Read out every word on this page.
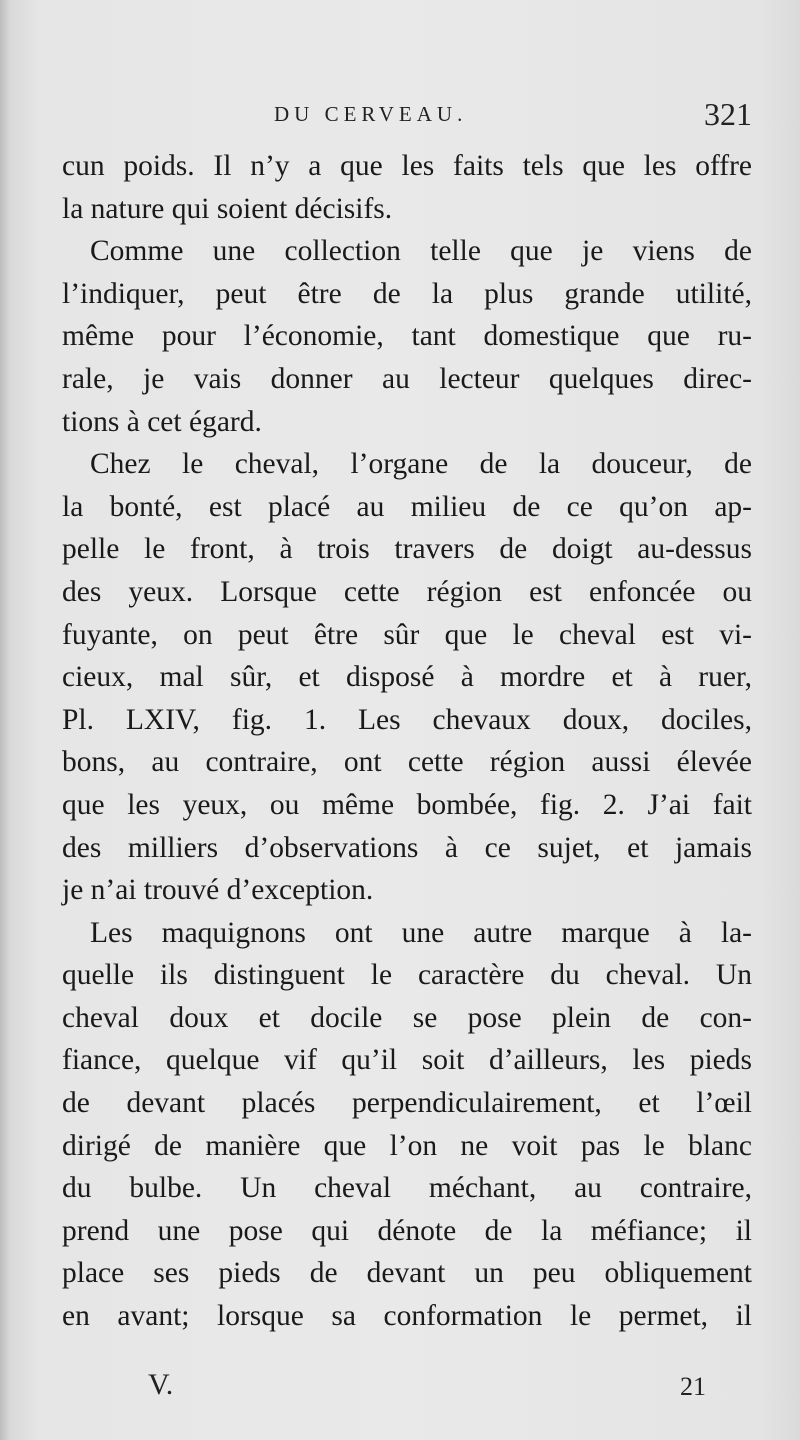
DU CERVEAU.	321
cun poids. Il n’y a que les faits tels que les offre
la nature qui soient décisifs.
Comme une collection telle que je viens de
l’indiquer, peut être de la plus grande utilité,
même pour l’économie, tant domestique que ru-
rale, je vais donner au lecteur quelques direc-
tions à cet égard.
Chez le cheval, l’organe de la douceur, de
la bonté, est placé au milieu de ce qu’on ap-
pelle le front, à trois travers de doigt au-dessus
des yeux. Lorsque cette région est enfoncée ou
fuyante, on peut être sûr que le cheval est vi-
cieux, mal sûr, et disposé à mordre et à ruer,
Pl. LXIV, fig. 1. Les chevaux doux, dociles,
bons, au contraire, ont cette région aussi élevée
que les yeux, ou même bombée, fig. 2. J’ai fait
des milliers d’observations à ce sujet, et jamais
je n’ai trouvé d’exception.
Les maquignons ont une autre marque à la-
quelle ils distinguent le caractère du cheval. Un
cheval doux et docile se pose plein de con-
fiance, quelque vif qu’il soit d’ailleurs, les pieds
de devant placés perpendiculairement, et l’œil
dirigé de manière que l’on ne voit pas le blanc
du bulbe. Un cheval méchant, au contraire,
prend une pose qui dénote de la méfiance; il
place ses pieds de devant un peu obliquement
en avant; lorsque sa conformation le permet, il
V.	21
